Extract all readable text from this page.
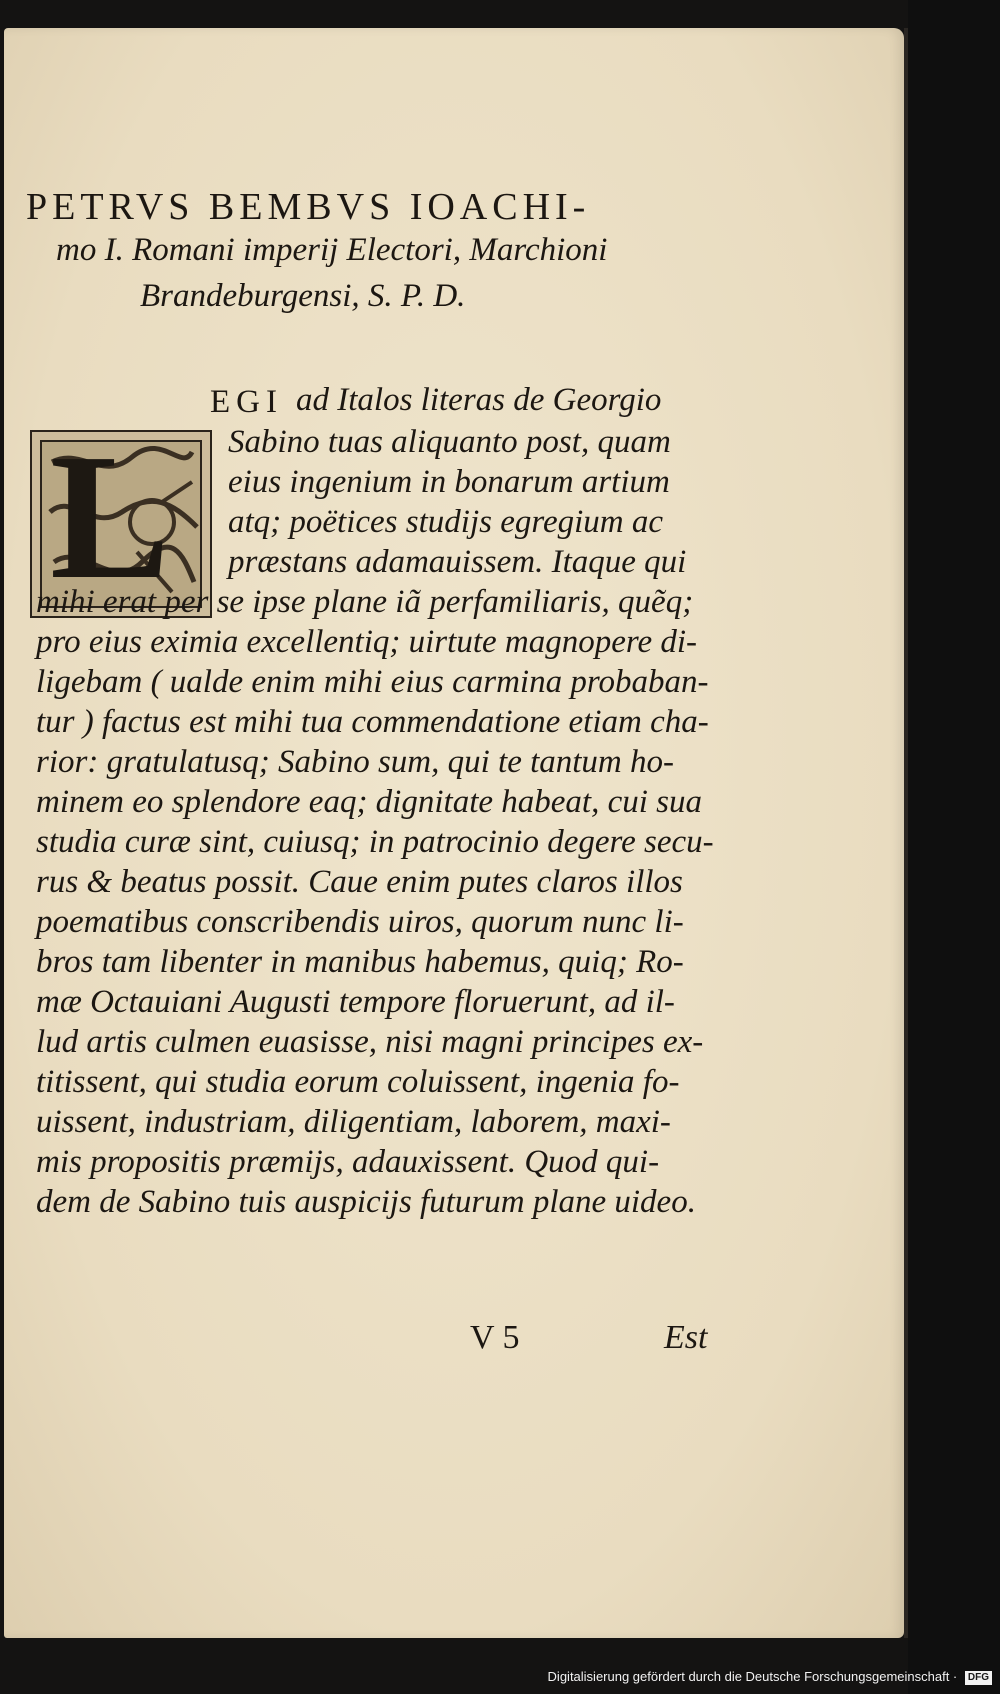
PETRVS BEMBVS IOACHI-
mo I. Romani imperij Electori, Marchioni
Brandeburgensi, S. P. D.
L
EGI ad Italos literas de Georgio
Sabino tuas aliquanto post, quam
eius ingenium in bonarum artium
atq; poëtices studijs egregium ac
præstans adamauissem. Itaque qui
mihi erat per se ipse plane iã perfamiliaris, quẽq;
pro eius eximia excellentiq; uirtute magnopere di-
ligebam ( ualde enim mihi eius carmina probaban-
tur ) factus est mihi tua commendatione etiam cha-
rior: gratulatusq; Sabino sum, qui te tantum ho-
minem eo splendore eaq; dignitate habeat, cui sua
studia curæ sint, cuiusq; in patrocinio degere secu-
rus & beatus possit. Caue enim putes claros illos
poematibus conscribendis uiros, quorum nunc li-
bros tam libenter in manibus habemus, quiq; Ro-
mæ Octauiani Augusti tempore floruerunt, ad il-
lud artis culmen euasisse, nisi magni principes ex-
titissent, qui studia eorum coluissent, ingenia fo-
uissent, industriam, diligentiam, laborem, maxi-
mis propositis præmijs, adauxissent. Quod qui-
dem de Sabino tuis auspicijs futurum plane uideo.
V 5	Est
Digitalisierung gefördert durch die Deutsche Forschungsgemeinschaft · DFG
